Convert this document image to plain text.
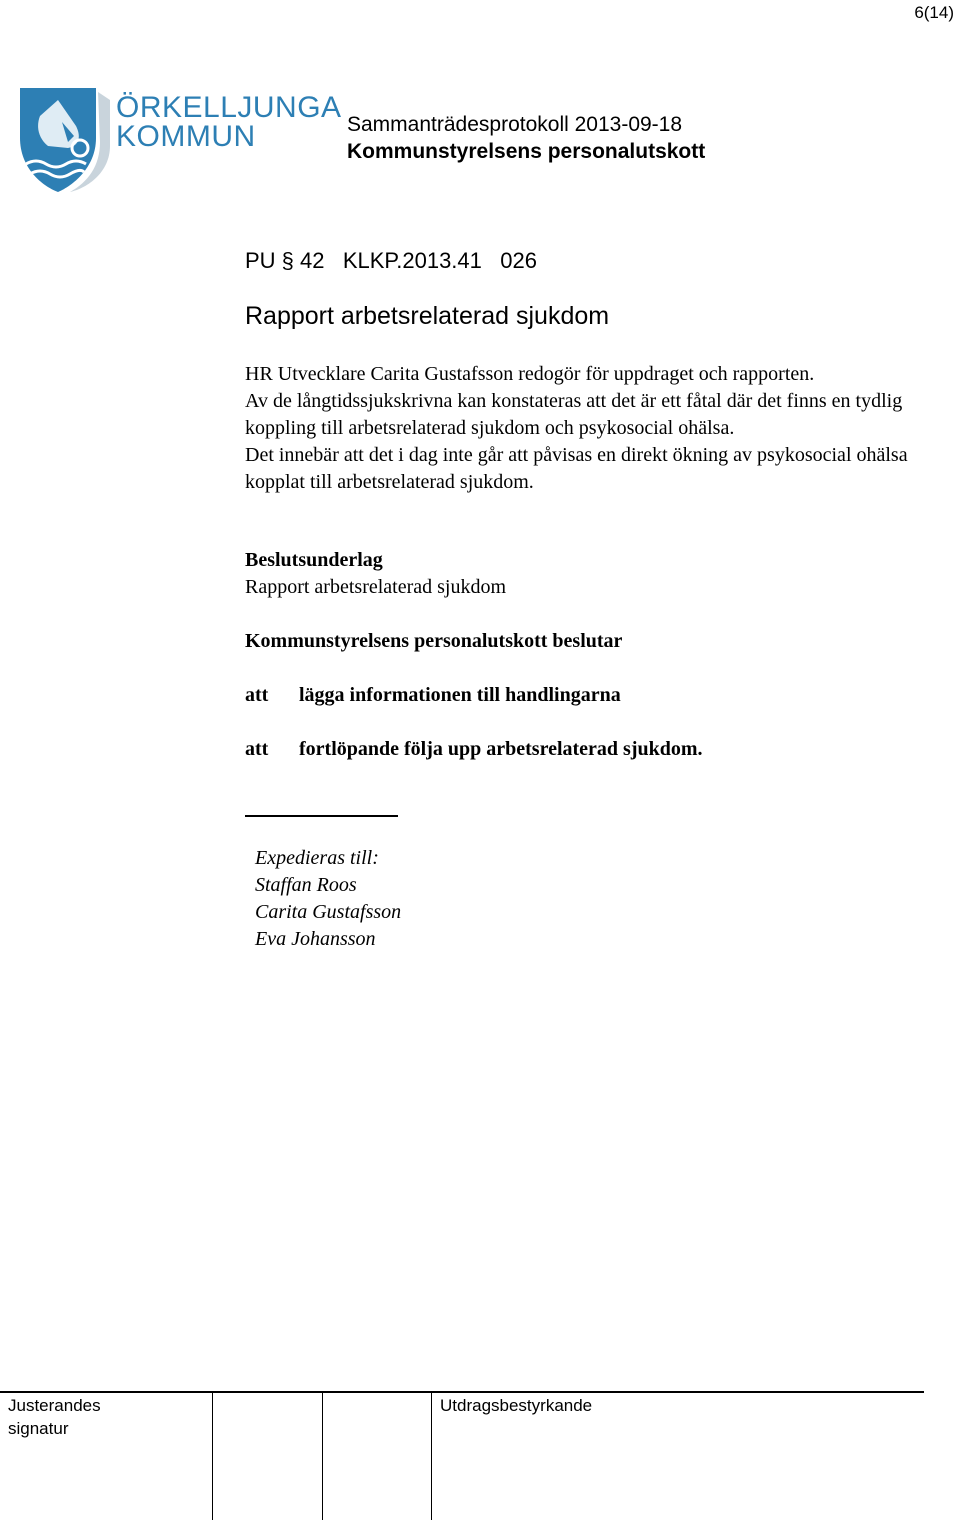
6(14)
ÖRKELLJUNGA
KOMMUN	Sammanträdesprotokoll 2013-09-18
Kommunstyrelsens personalutskott
PU § 42   KLKP.2013.41   026
Rapport arbetsrelaterad sjukdom

HR Utvecklare Carita Gustafsson redogör för uppdraget och rapporten.

Av de långtidssjukskrivna kan konstateras att det är ett fåtal där det finns en tydlig koppling till arbetsrelaterad sjukdom och psykosocial ohälsa.

Det innebär att det i dag inte går att påvisas en direkt ökning av psykosocial ohälsa kopplat till arbetsrelaterad sjukdom.

Beslutsunderlag
Rapport arbetsrelaterad sjukdom
Kommunstyrelsens personalutskott beslutar
att lägga informationen till handlingarna
att fortlöpande följa upp arbetsrelaterad sjukdom.
Expedieras till:
Staffan Roos
Carita Gustafsson
Eva Johansson
Justerandes
signatur
Utdragsbestyrkande
